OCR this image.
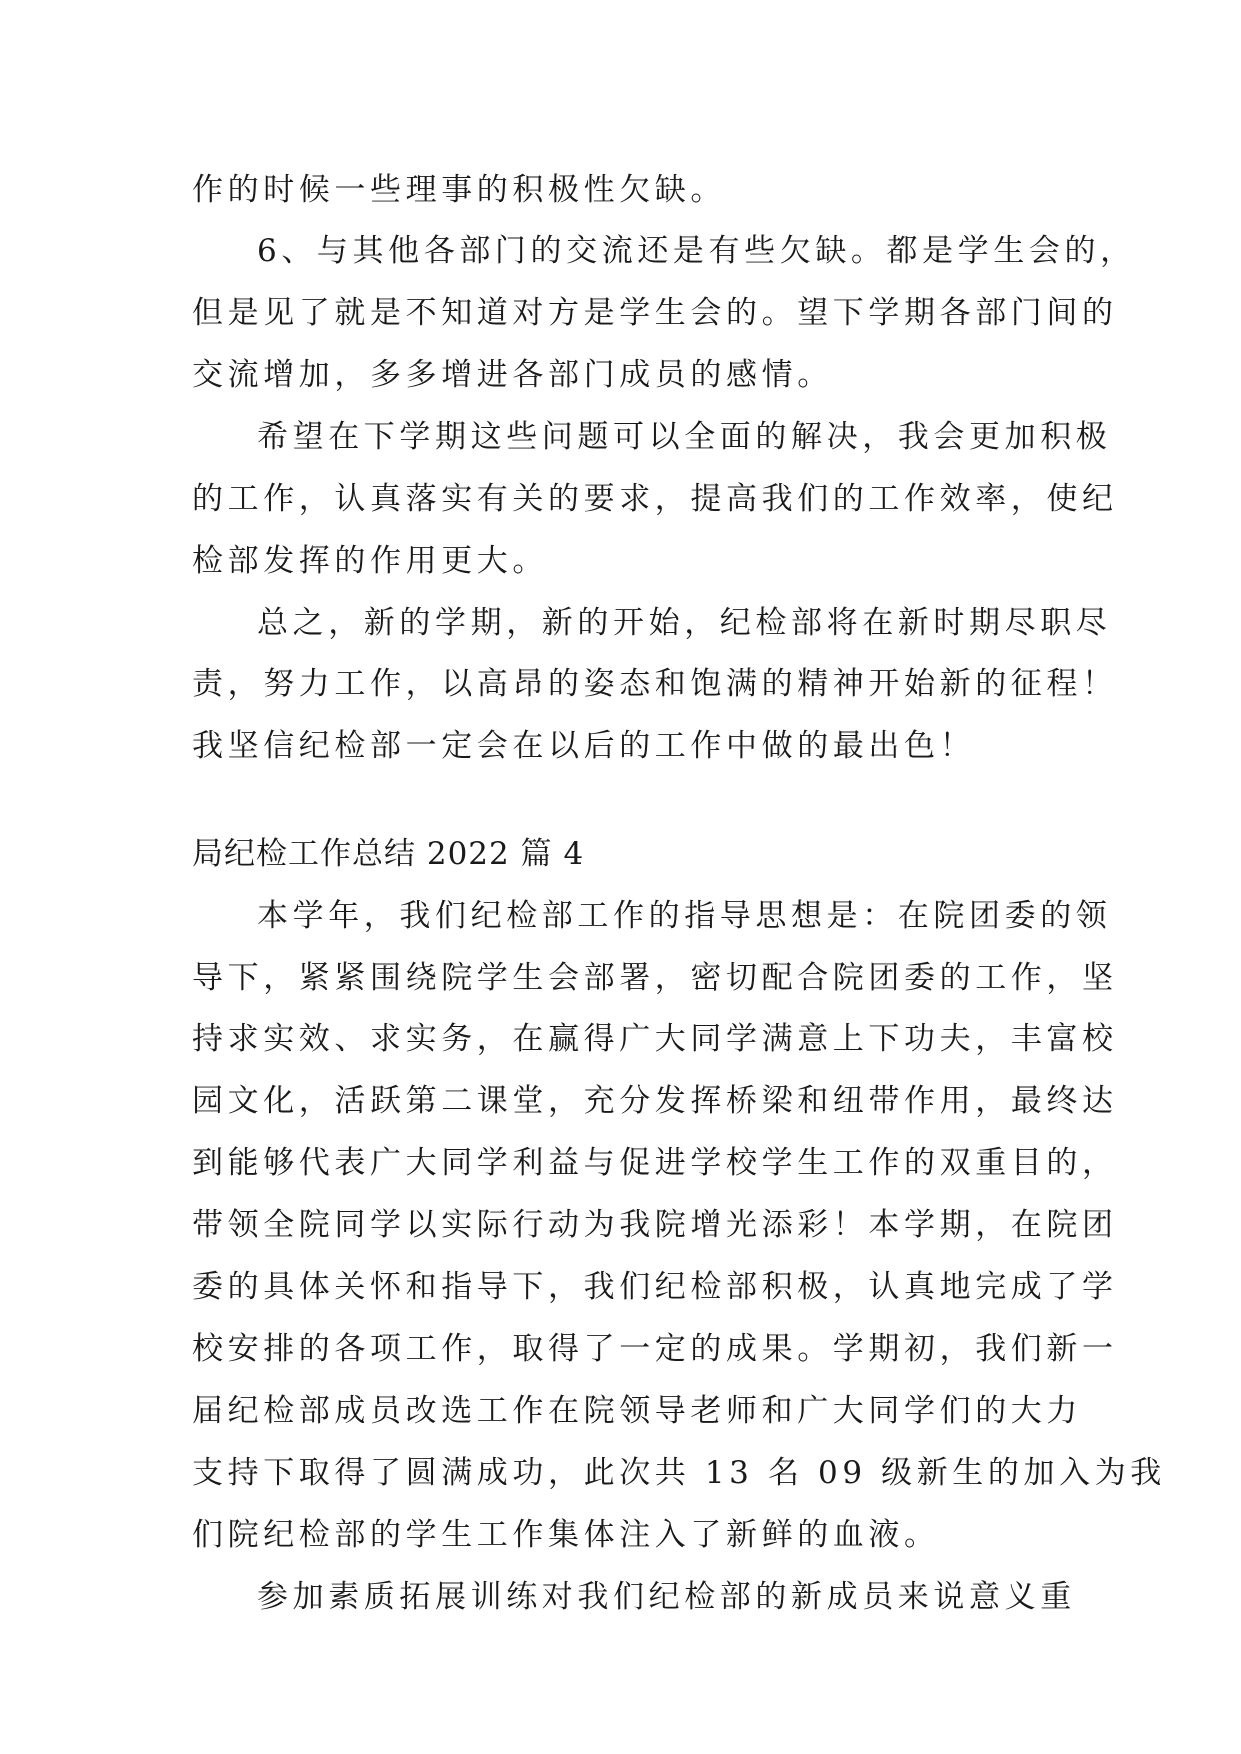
作的时候一些理事的积极性欠缺。
6、与其他各部门的交流还是有些欠缺。都是学生会的，
但是见了就是不知道对方是学生会的。望下学期各部门间的
交流增加，多多增进各部门成员的感情。
希望在下学期这些问题可以全面的解决，我会更加积极
的工作，认真落实有关的要求，提高我们的工作效率，使纪
检部发挥的作用更大。
总之，新的学期，新的开始，纪检部将在新时期尽职尽
责，努力工作，以高昂的姿态和饱满的精神开始新的征程！
我坚信纪检部一定会在以后的工作中做的最出色！
局纪检工作总结 2022 篇 4
本学年，我们纪检部工作的指导思想是：在院团委的领
导下，紧紧围绕院学生会部署，密切配合院团委的工作，坚
持求实效、求实务，在赢得广大同学满意上下功夫，丰富校
园文化，活跃第二课堂，充分发挥桥梁和纽带作用，最终达
到能够代表广大同学利益与促进学校学生工作的双重目的，
带领全院同学以实际行动为我院增光添彩！本学期，在院团
委的具体关怀和指导下，我们纪检部积极，认真地完成了学
校安排的各项工作，取得了一定的成果。学期初，我们新一
届纪检部成员改选工作在院领导老师和广大同学们的大力
支持下取得了圆满成功，此次共 13 名 09 级新生的加入为我
们院纪检部的学生工作集体注入了新鲜的血液。
参加素质拓展训练对我们纪检部的新成员来说意义重
